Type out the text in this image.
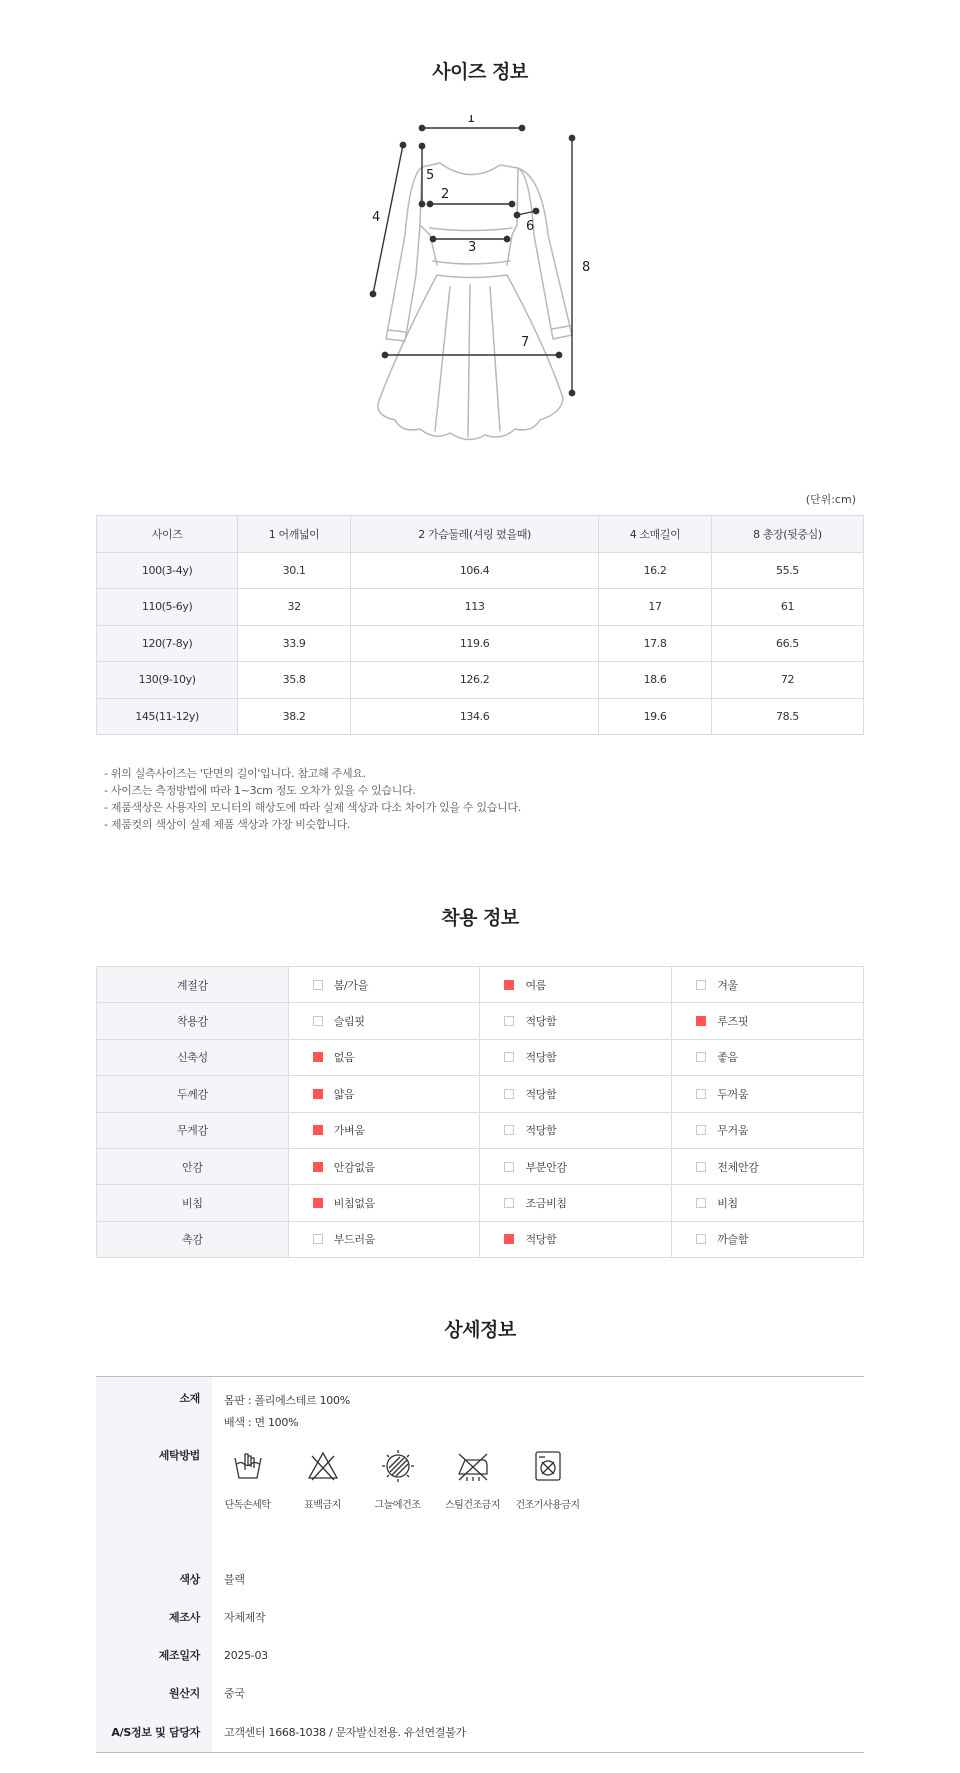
사이즈 정보
1
2
3
4
5
6
7
8
(단위:cm)
사이즈	1 어깨넓이	2 가슴둘레(셔링 폈을때)	4 소매길이	8 총장(뒷중심)
100(3-4y)	30.1	106.4	16.2	55.5
110(5-6y)	32	113	17	61
120(7-8y)	33.9	119.6	17.8	66.5
130(9-10y)	35.8	126.2	18.6	72
145(11-12y)	38.2	134.6	19.6	78.5
- 위의 실측사이즈는 '단면의 길이'입니다. 참고해 주세요.
- 사이즈는 측정방법에 따라 1~3cm 정도 오차가 있을 수 있습니다.
- 제품색상은 사용자의 모니터의 해상도에 따라 실제 색상과 다소 차이가 있을 수 있습니다.
- 제품컷의 색상이 실제 제품 색상과 가장 비슷합니다.
착용 정보
계절감	봄/가을	여름	겨울
착용감	슬림핏	적당함	루즈핏
신축성	없음	적당함	좋음
두께감	얇음	적당함	두꺼움
무게감	가벼움	적당함	무거움
안감	안감없음	부분안감	전체안감
비침	비침없음	조금비침	비침
촉감	부드러움	적당함	까슬함
상세정보
소재	몸판 : 폴리에스테르 100%
배색 : 면 100%

세탁방법	단독손세탁 표백금지 그늘에건조 스팀건조금지 건조기사용금지

색상	블랙
제조사	자체제작
제조일자	2025-03
원산지	중국
A/S정보 및 담당자	고객센터 1668-1038 / 문자발신전용. 유선연결불가
